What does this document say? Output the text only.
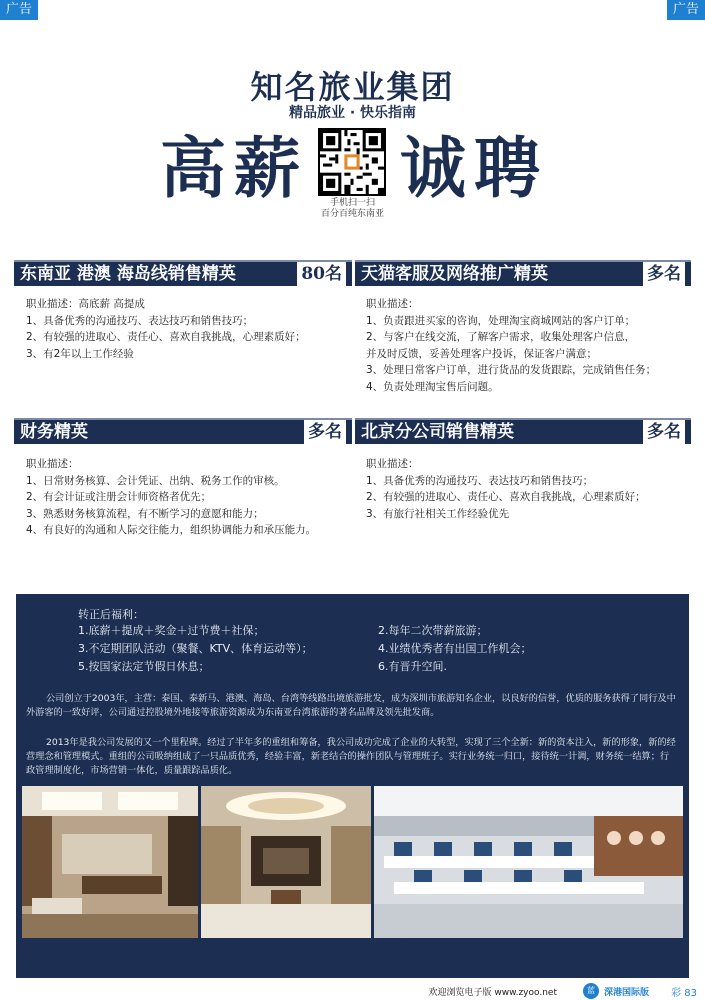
广告	广告
知名旅业集团
精品旅业 · 快乐指南
高薪 诚聘
手机扫一扫
百分百纯东南亚
东南亚 港澳 海岛线销售精英	80名
职业描述：高底薪 高提成
1、具备优秀的沟通技巧、表达技巧和销售技巧；
2、有较强的进取心、责任心、喜欢自我挑战，心理素质好；
3、有2年以上工作经验
天猫客服及网络推广精英	多名
职业描述：
1、负责跟进买家的咨询，处理淘宝商城网站的客户订单；
2、与客户在线交流，了解客户需求，收集处理客户信息，
并及时反馈，妥善处理客户投诉，保证客户满意；
3、处理日常客户订单，进行货品的发货跟踪，完成销售任务；
4、负责处理淘宝售后问题。
财务精英	多名
职业描述：
1、日常财务核算、会计凭证、出纳、税务工作的审核。
2、有会计证或注册会计师资格者优先；
3、熟悉财务核算流程，有不断学习的意愿和能力；
4、有良好的沟通和人际交往能力，组织协调能力和承压能力。
北京分公司销售精英	多名
职业描述：
1、具备优秀的沟通技巧、表达技巧和销售技巧；
2、有较强的进取心、责任心、喜欢自我挑战，心理素质好；
3、有旅行社相关工作经验优先
转正后福利：
1.底薪＋提成＋奖金＋过节费＋社保；	2.每年二次带薪旅游；
3.不定期团队活动（聚餐、KTV、体育运动等）；	4.业绩优秀者有出国工作机会；
5.按国家法定节假日休息；	6.有晋升空间.
公司创立于2003年，主营：泰国、泰新马、港澳、海岛、台湾等线路出境旅游批发，成为深圳市旅游知名企业，以良好的信誉，优质的服务获得了同行及中外游客的一致好评，公司通过控股境外地接等旅游资源成为东南亚台湾旅游的著名品牌及领先批发商。
2013年是我公司发展的又一个里程碑。经过了半年多的重组和筹备，我公司成功完成了企业的大转型，实现了三个全新：新的资本注入，新的形象，新的经营理念和管理模式。重组的公司吸纳组成了一只品质优秀，经验丰富，新老结合的操作团队与管理班子。实行业务统一归口，接待统一计调，财务统一结算；行政管理制度化，市场营销一体化，质量跟踪品质化。
13923895120 秦总
欢迎浏览电子版 www.zyoo.net	蓝 深港国际版 彩 83
